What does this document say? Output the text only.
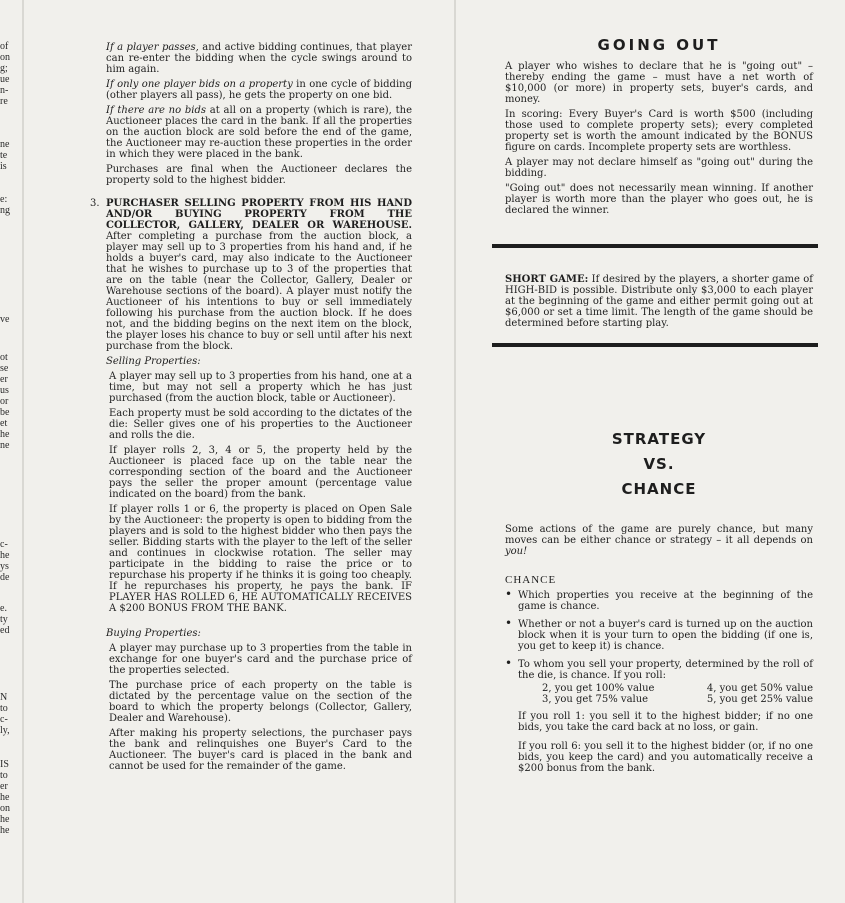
of
on
g;
ue
n-
re
ne
te
is
e:
ng
ve
ot
se
er
us
or
be
et
he
ne
c-
he
ys
de
e.
ty
ed
N
to
c-
ly,
IS
to
er
he
on
he
he

If a player passes, and active bidding continues, that player can re-enter the bidding when the cycle swings around to him again.

If only one player bids on a property in one cycle of bidding (other players all pass), he gets the property on one bid.

If there are no bids at all on a property (which is rare), the Auctioneer places the card in the bank. If all the properties on the auction block are sold before the end of the game, the Auctioneer may re-auction these properties in the order in which they were placed in the bank.

Purchases are final when the Auctioneer declares the property sold to the highest bidder.

3. PURCHASER SELLING PROPERTY FROM HIS HAND AND/OR BUYING PROPERTY FROM THE COLLECTOR, GALLERY, DEALER OR WAREHOUSE. After completing a purchase from the auction block, a player may sell up to 3 properties from his hand and, if he holds a buyer's card, may also indicate to the Auctioneer that he wishes to purchase up to 3 of the properties that are on the table (near the Collector, Gallery, Dealer or Warehouse sections of the board). A player must notify the Auctioneer of his intentions to buy or sell immediately following his purchase from the auction block. If he does not, and the bidding begins on the next item on the block, the player loses his chance to buy or sell until after his next purchase from the block.

Selling Properties:

A player may sell up to 3 properties from his hand, one at a time, but may not sell a property which he has just purchased (from the auction block, table or Auctioneer).

Each property must be sold according to the dictates of the die: Seller gives one of his properties to the Auctioneer and rolls the die.

If player rolls 2, 3, 4 or 5, the property held by the Auctioneer is placed face up on the table near the corresponding section of the board and the Auctioneer pays the seller the proper amount (percentage value indicated on the board) from the bank.

If player rolls 1 or 6, the property is placed on Open Sale by the Auctioneer: the property is open to bidding from the players and is sold to the highest bidder who then pays the seller. Bidding starts with the player to the left of the seller and continues in clockwise rotation. The seller may participate in the bidding to raise the price or to repurchase his property if he thinks it is going too cheaply. If he repurchases his property, he pays the bank. IF PLAYER HAS ROLLED 6, HE AUTOMATICALLY RECEIVES A $200 BONUS FROM THE BANK.

Buying Properties:

A player may purchase up to 3 properties from the table in exchange for one buyer's card and the purchase price of the properties selected.

The purchase price of each property on the table is dictated by the percentage value on the section of the board to which the property belongs (Collector, Gallery, Dealer and Warehouse).

After making his property selections, the purchaser pays the bank and relinquishes one Buyer's Card to the Auctioneer. The buyer's card is placed in the bank and cannot be used for the remainder of the game.

GOING OUT

A player who wishes to declare that he is "going out" – thereby ending the game – must have a net worth of $10,000 (or more) in property sets, buyer's cards, and money.

In scoring: Every Buyer's Card is worth $500 (including those used to complete property sets); every completed property set is worth the amount indicated by the BONUS figure on cards. Incomplete property sets are worthless.

A player may not declare himself as "going out" during the bidding.

"Going out" does not necessarily mean winning. If another player is worth more than the player who goes out, he is declared the winner.

SHORT GAME: If desired by the players, a shorter game of HIGH-BID is possible. Distribute only $3,000 to each player at the beginning of the game and either permit going out at $6,000 or set a time limit. The length of the game should be determined before starting play.

STRATEGY
VS.
CHANCE

Some actions of the game are purely chance, but many moves can be either chance or strategy – it all depends on you!

CHANCE

• Which properties you receive at the beginning of the game is chance.
• Whether or not a buyer's card is turned up on the auction block when it is your turn to open the bidding (if one is, you get to keep it) is chance.
• To whom you sell your property, determined by the roll of the die, is chance. If you roll:
2, you get 100% value	4, you get 50% value
3, you get 75% value	5, you get 25% value

If you roll 1: you sell it to the highest bidder; if no one bids, you take the card back at no loss, or gain.

If you roll 6: you sell it to the highest bidder (or, if no one bids, you keep the card) and you automatically receive a $200 bonus from the bank.
